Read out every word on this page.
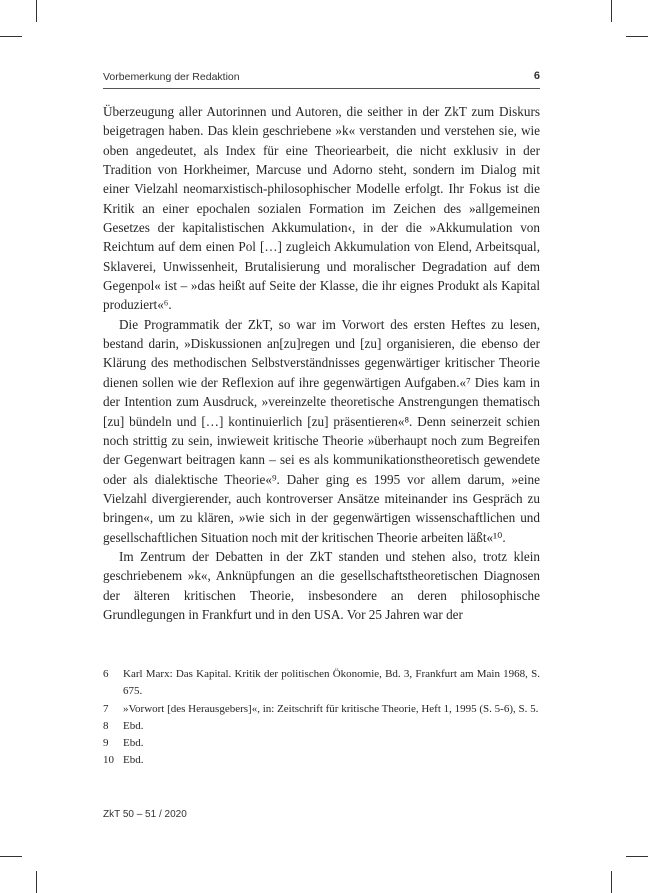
Vorbemerkung der Redaktion	6

Überzeugung aller Autorinnen und Autoren, die seither in der ZkT zum Diskurs beigetragen haben. Das klein geschriebene »k« verstanden und verstehen sie, wie oben angedeutet, als Index für eine Theoriearbeit, die nicht exklusiv in der Tradition von Horkheimer, Marcuse und Adorno steht, sondern im Dialog mit einer Vielzahl neomarxistisch-philosophischer Modelle erfolgt. Ihr Fokus ist die Kritik an einer epochalen sozialen Formation im Zeichen des »allgemeinen Gesetzes der kapitalistischen Akkumulation‹, in der die »Akkumulation von Reichtum auf dem einen Pol […] zugleich Akkumulation von Elend, Arbeitsqual, Sklaverei, Unwissenheit, Brutalisierung und moralischer Degradation auf dem Gegenpol« ist – »das heißt auf Seite der Klasse, die ihr eignes Produkt als Kapital produziert«⁶.

Die Programmatik der ZkT, so war im Vorwort des ersten Heftes zu lesen, bestand darin, »Diskussionen an[zu]regen und [zu] organisieren, die ebenso der Klärung des methodischen Selbstverständnisses gegenwärtiger kritischer Theorie dienen sollen wie der Reflexion auf ihre gegenwärtigen Aufgaben.«⁷ Dies kam in der Intention zum Ausdruck, »vereinzelte theoretische Anstrengungen thematisch [zu] bündeln und […] kontinuierlich [zu] präsentieren«⁸. Denn seinerzeit schien noch strittig zu sein, inwieweit kritische Theorie »überhaupt noch zum Begreifen der Gegenwart beitragen kann – sei es als kommunikationstheoretisch gewendete oder als dialektische Theorie«⁹. Daher ging es 1995 vor allem darum, »eine Vielzahl divergierender, auch kontroverser Ansätze miteinander ins Gespräch zu bringen«, um zu klären, »wie sich in der gegenwärtigen wissenschaftlichen und gesellschaftlichen Situation noch mit der kritischen Theorie arbeiten läßt«¹⁰.

Im Zentrum der Debatten in der ZkT standen und stehen also, trotz klein geschriebenem »k«, Anknüpfungen an die gesellschaftstheoretischen Diagnosen der älteren kritischen Theorie, insbesondere an deren philosophische Grundlegungen in Frankfurt und in den USA. Vor 25 Jahren war der

6 Karl Marx: Das Kapital. Kritik der politischen Ökonomie, Bd. 3, Frankfurt am Main 1968, S. 675.
7 »Vorwort [des Herausgebers]«, in: Zeitschrift für kritische Theorie, Heft 1, 1995 (S. 5-6), S. 5.
8 Ebd.
9 Ebd.
10 Ebd.
ZkT 50 – 51 / 2020
